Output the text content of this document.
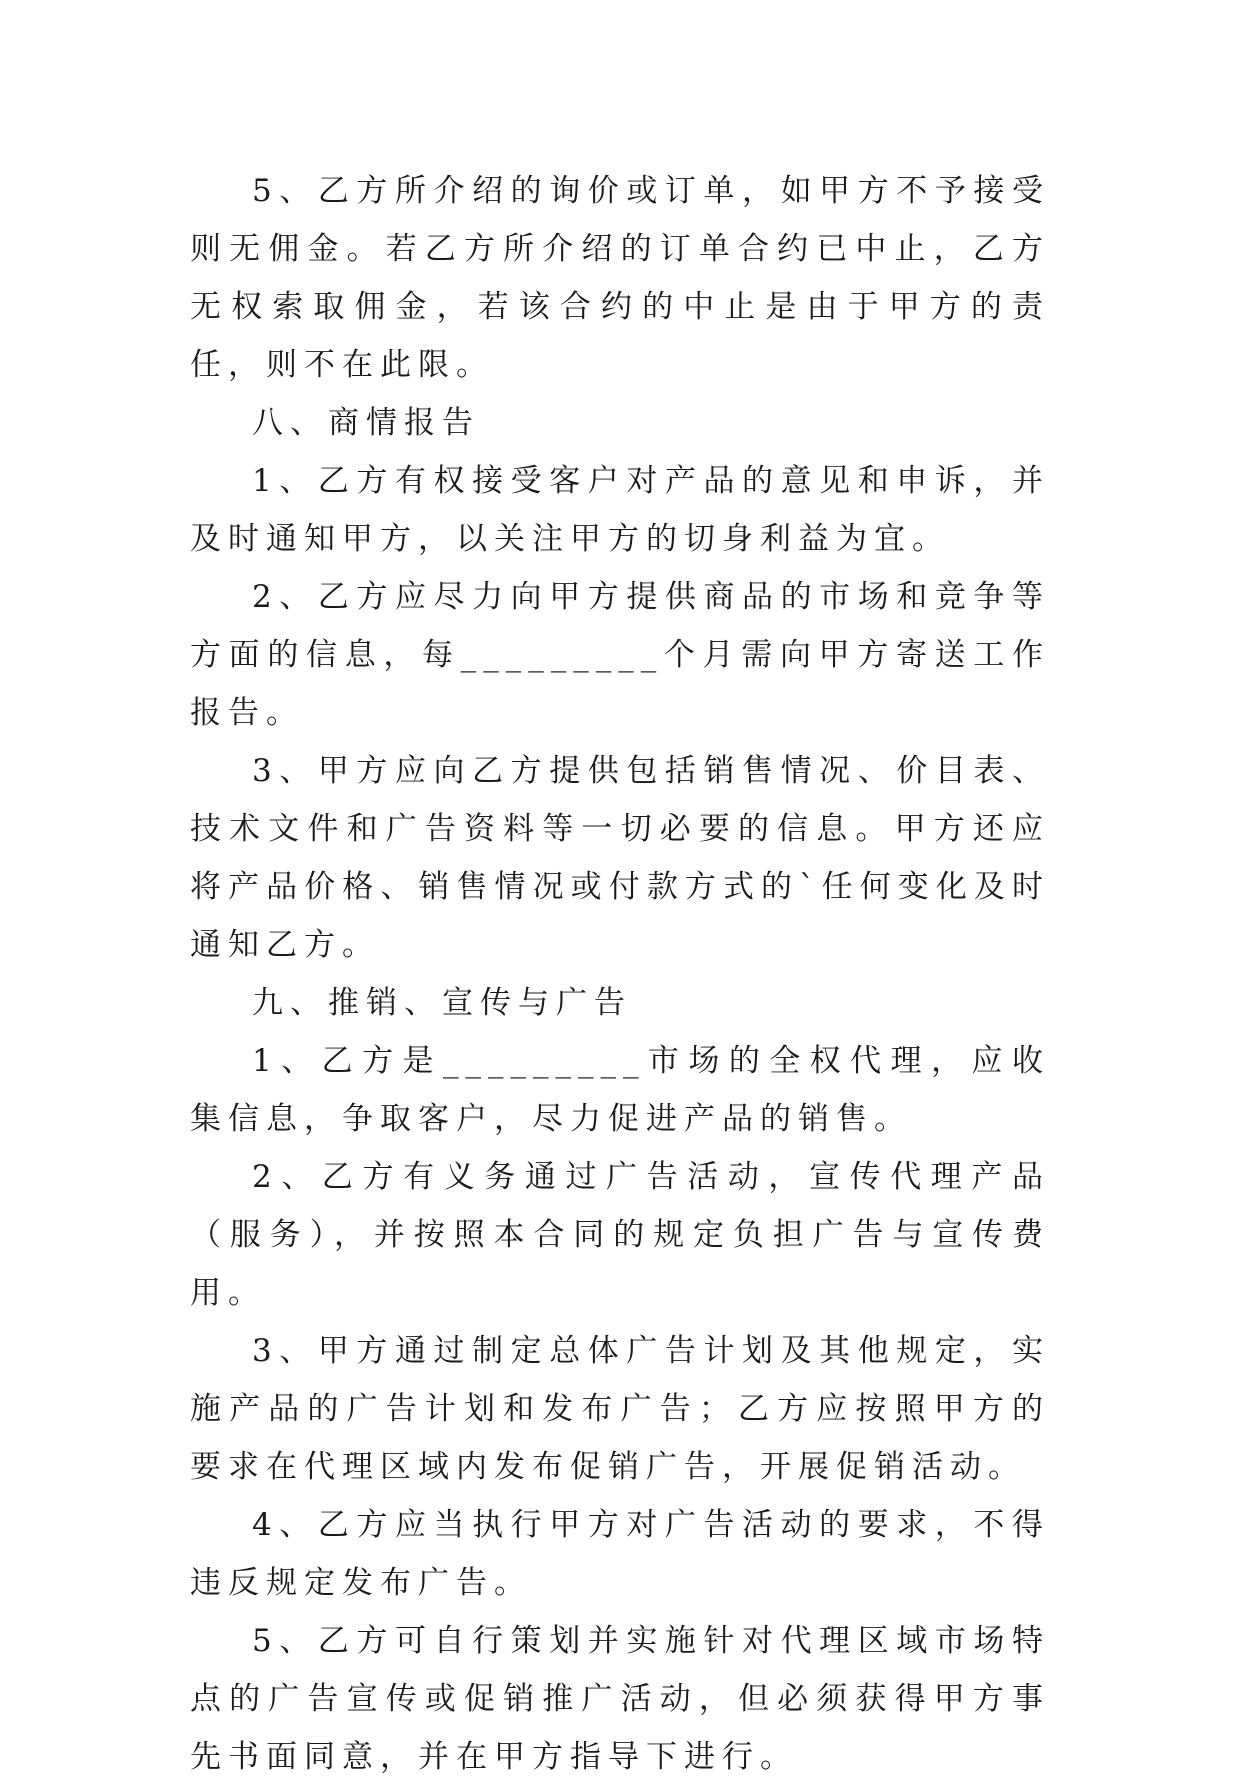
5、乙方所介绍的询价或订单，如甲方不予接受则无佣金。若乙方所介绍的订单合约已中止，乙方无权索取佣金，若该合约的中止是由于甲方的责任，则不在此限。

八、商情报告

1、乙方有权接受客户对产品的意见和申诉，并及时通知甲方，以关注甲方的切身利益为宜。

2、乙方应尽力向甲方提供商品的市场和竞争等方面的信息，每_________个月需向甲方寄送工作报告。

3、甲方应向乙方提供包括销售情况、价目表、技术文件和广告资料等一切必要的信息。甲方还应将产品价格、销售情况或付款方式的`任何变化及时通知乙方。

九、推销、宣传与广告

1、乙方是_________市场的全权代理，应收集信息，争取客户，尽力促进产品的销售。

2、乙方有义务通过广告活动，宣传代理产品（服务），并按照本合同的规定负担广告与宣传费用。

3、甲方通过制定总体广告计划及其他规定，实施产品的广告计划和发布广告；乙方应按照甲方的要求在代理区域内发布促销广告，开展促销活动。

4、乙方应当执行甲方对广告活动的要求，不得违反规定发布广告。

5、乙方可自行策划并实施针对代理区域市场特点的广告宣传或促销推广活动，但必须获得甲方事先书面同意，并在甲方指导下进行。
